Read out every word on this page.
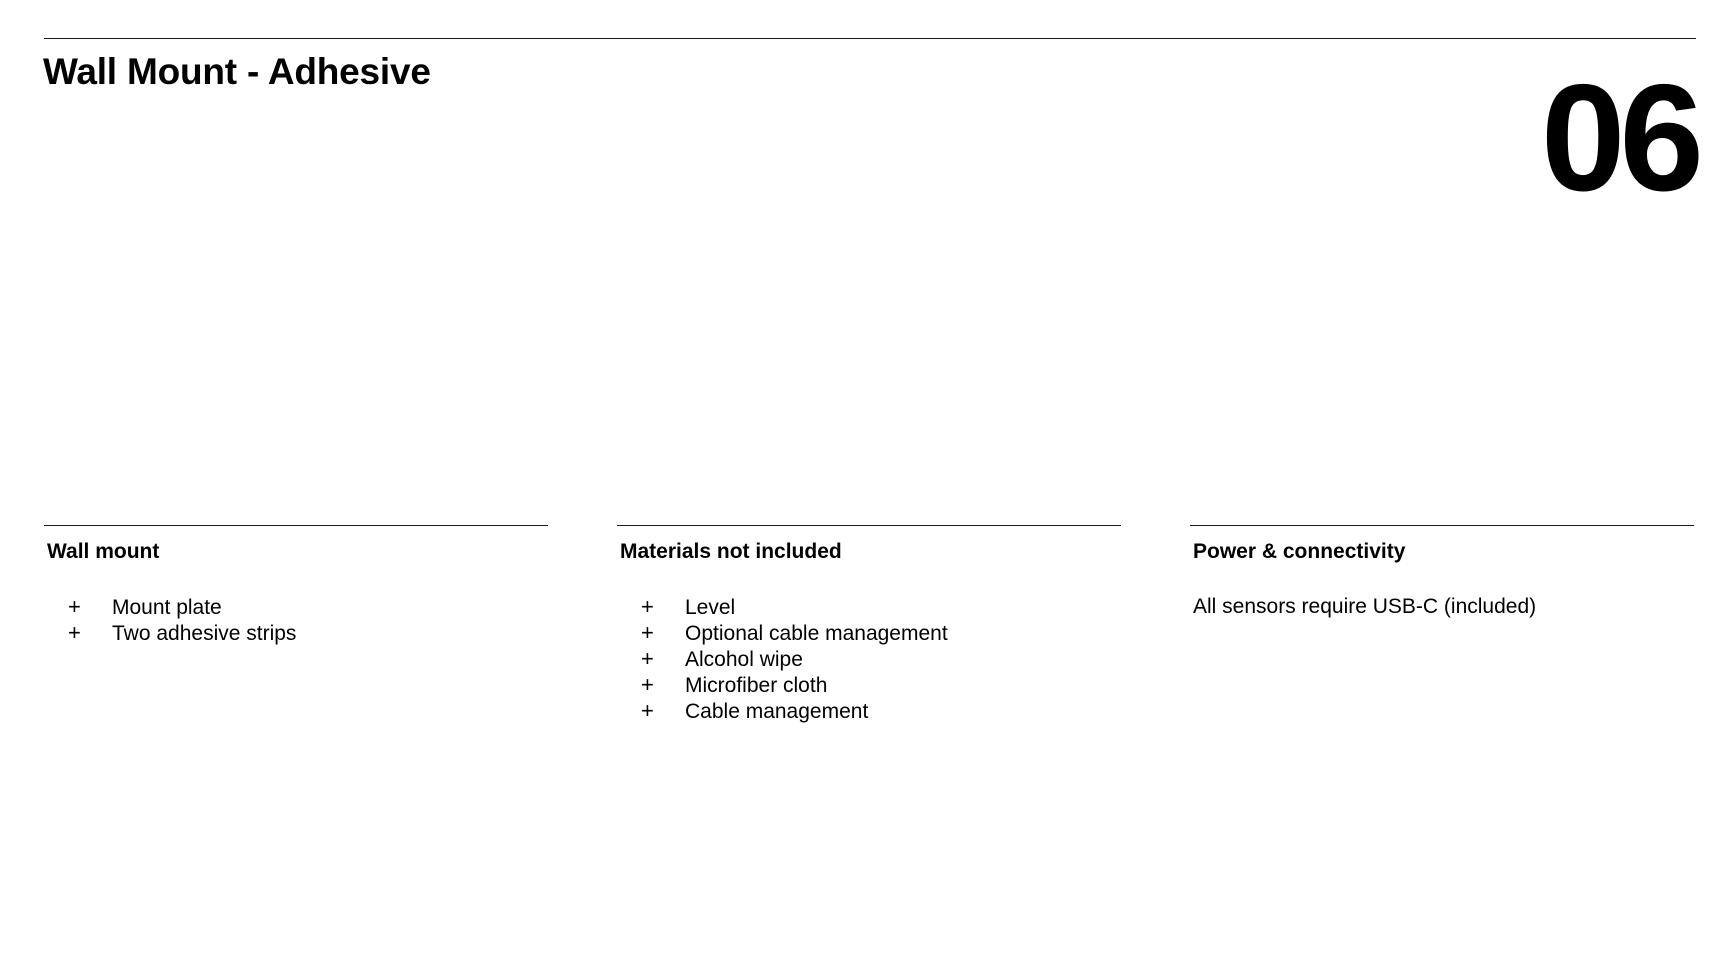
Wall Mount - Adhesive	06
Wall mount
+	Mount plate
+	Two adhesive strips
Materials not included
+	Level
+	Optional cable management
+	Alcohol wipe
+	Microfiber cloth
+	Cable management
Power & connectivity
All sensors require USB-C (included)
